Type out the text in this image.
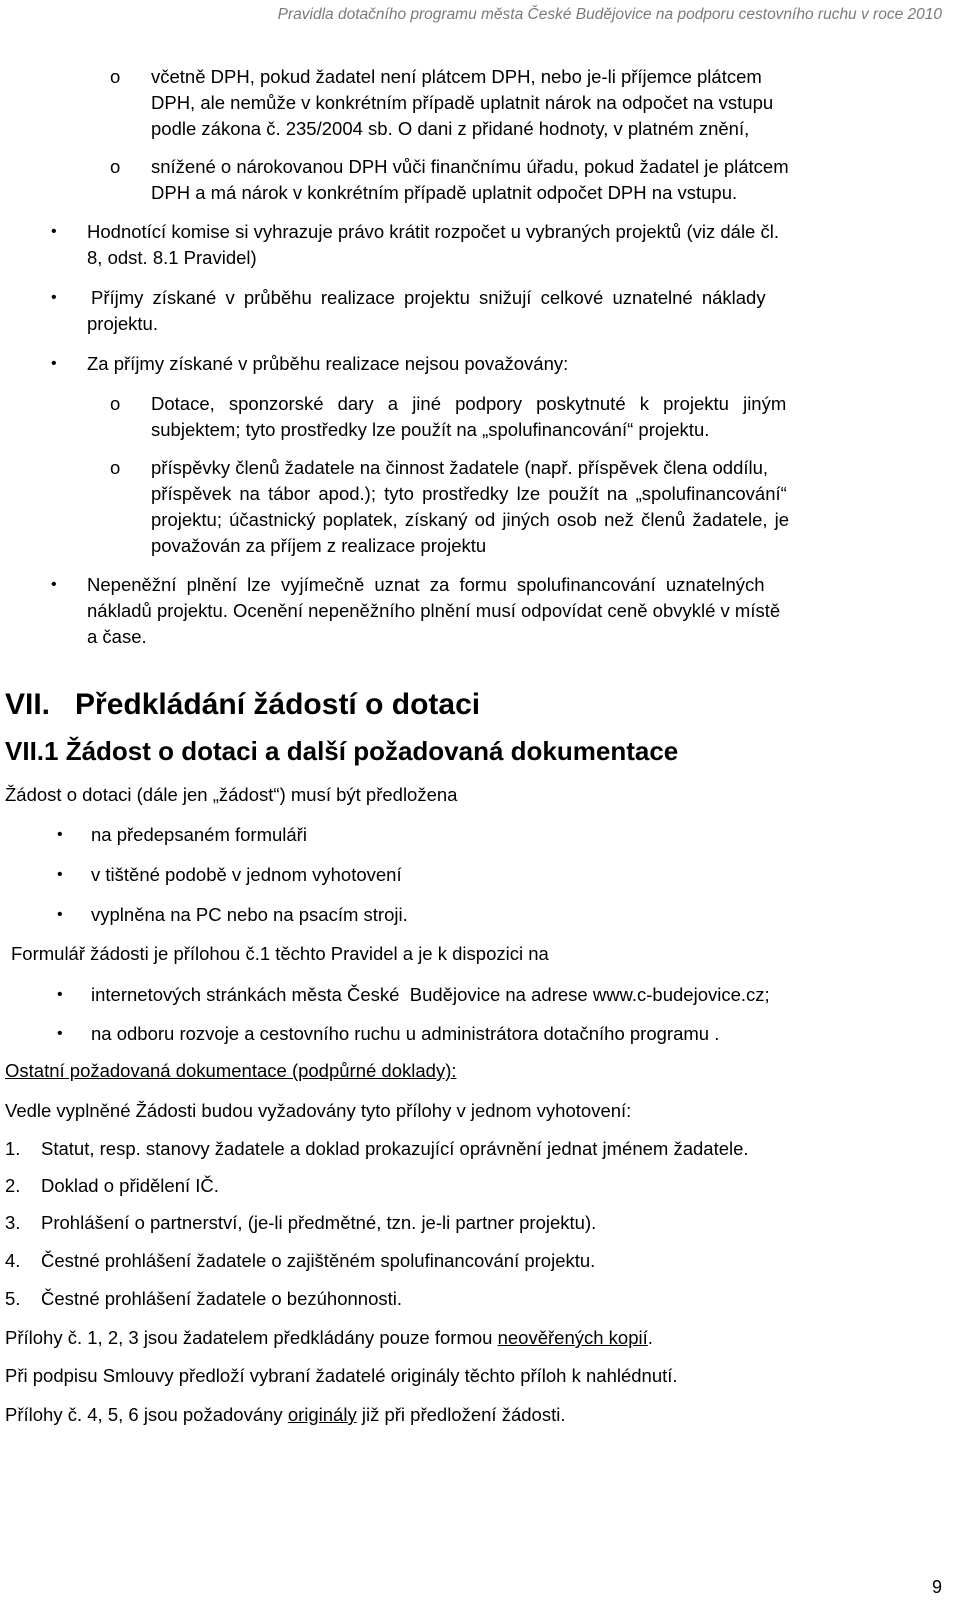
Pravidla dotačního programu města České Budějovice na podporu cestovního ruchu v roce 2010
o včetně DPH, pokud žadatel není plátcem DPH, nebo je-li příjemce plátcem
DPH, ale nemůže v konkrétním případě uplatnit nárok na odpočet na vstupu
podle zákona č. 235/2004 sb. O dani z přidané hodnoty, v platném znění,
o snížené o nárokovanou DPH vůči finančnímu úřadu, pokud žadatel je plátcem
DPH a má nárok v konkrétním případě uplatnit odpočet DPH na vstupu.
• Hodnotící komise si vyhrazuje právo krátit rozpočet u vybraných projektů (viz dále čl.
8, odst. 8.1 Pravidel)
• Příjmy získané v průběhu realizace projektu snižují celkové uznatelné náklady
projektu.
• Za příjmy získané v průběhu realizace nejsou považovány:
o Dotace, sponzorské dary a jiné podpory poskytnuté k projektu jiným
subjektem; tyto prostředky lze použít na „spolufinancování“ projektu.
o příspěvky členů žadatele na činnost žadatele (např. příspěvek člena oddílu,
příspěvek na tábor apod.); tyto prostředky lze použít na „spolufinancování“
projektu; účastnický poplatek, získaný od jiných osob než členů žadatele, je
považován za příjem z realizace projektu
• Nepeněžní plnění lze vyjímečně uznat za formu spolufinancování uznatelných
nákladů projektu. Ocenění nepeněžního plnění musí odpovídat ceně obvyklé v místě
a čase.
VII.   Předkládání žádostí o dotaci
VII.1 Žádost o dotaci a další požadovaná dokumentace
Žádost o dotaci (dále jen „žádost“) musí být předložena
• na předepsaném formuláři
• v tištěné podobě v jednom vyhotovení
• vyplněna na PC nebo na psacím stroji.
Formulář žádosti je přílohou č.1 těchto Pravidel a je k dispozici na
• internetových stránkách města České  Budějovice na adrese www.c-budejovice.cz;
• na odboru rozvoje a cestovního ruchu u administrátora dotačního programu .
Ostatní požadovaná dokumentace (podpůrné doklady):
Vedle vyplněné Žádosti budou vyžadovány tyto přílohy v jednom vyhotovení:
1. Statut, resp. stanovy žadatele a doklad prokazující oprávnění jednat jménem žadatele.
2. Doklad o přidělení IČ.
3. Prohlášení o partnerství, (je-li předmětné, tzn. je-li partner projektu).
4. Čestné prohlášení žadatele o zajištěném spolufinancování projektu.
5. Čestné prohlášení žadatele o bezúhonnosti.
Přílohy č. 1, 2, 3 jsou žadatelem předkládány pouze formou neověřených kopií.
Při podpisu Smlouvy předloží vybraní žadatelé originály těchto příloh k nahlédnutí.
Přílohy č. 4, 5, 6 jsou požadovány originály již při předložení žádosti.
9
